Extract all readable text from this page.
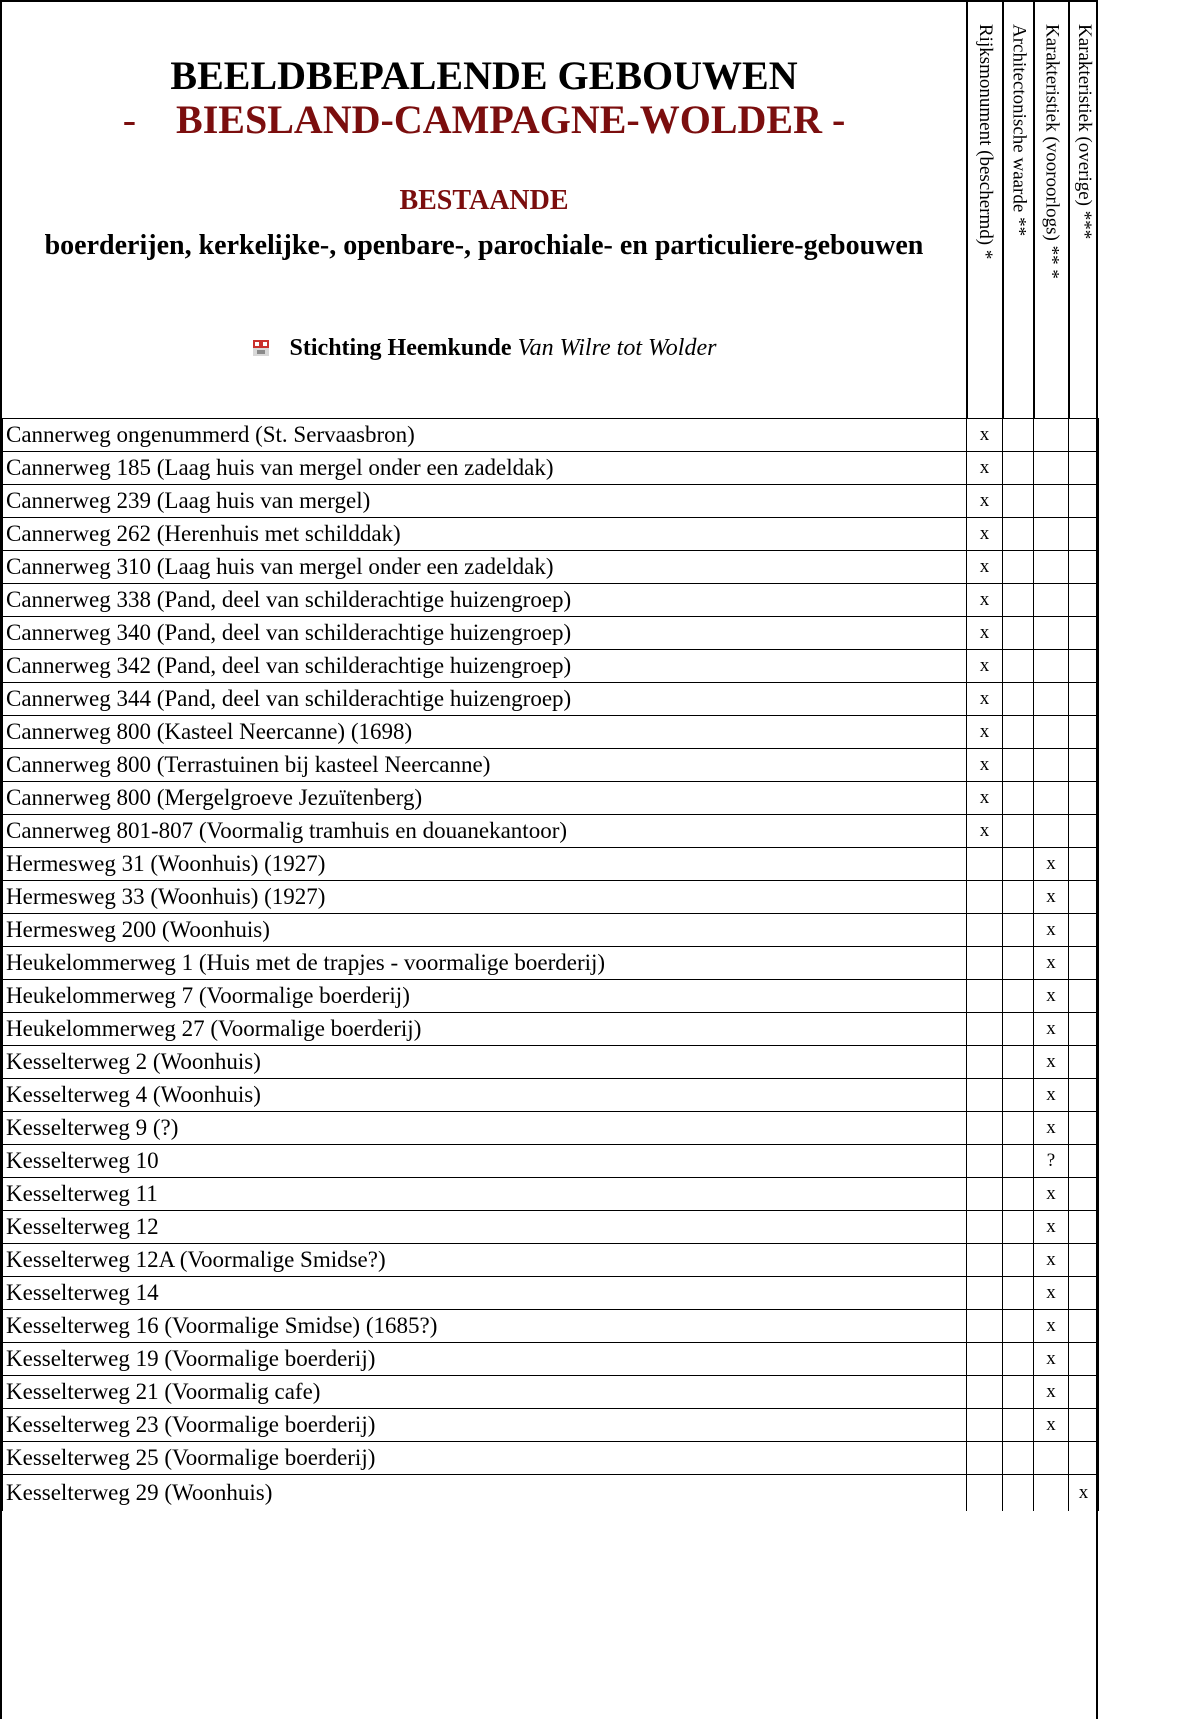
BEELDBEPALENDE GEBOUWEN
- BIESLAND-CAMPAGNE-WOLDER -
BESTAANDE
boerderijen, kerkelijke-, openbare-, parochiale- en particuliere-gebouwen
Stichting Heemkunde Van Wilre tot Wolder
Rijksmonument (beschermd) * Architectonische waarde ** Karakteristiek (vooroorlogs) ** * Karakteristiek (overige) ***
Cannerweg ongenummerd (St. Servaasbron)	x			
Cannerweg 185 (Laag huis van mergel onder een zadeldak)	x			
Cannerweg 239 (Laag huis van mergel)	x			
Cannerweg 262 (Herenhuis met schilddak)	x			
Cannerweg 310 (Laag huis van mergel onder een zadeldak)	x			
Cannerweg 338 (Pand, deel van schilderachtige huizengroep)	x			
Cannerweg 340 (Pand, deel van schilderachtige huizengroep)	x			
Cannerweg 342 (Pand, deel van schilderachtige huizengroep)	x			
Cannerweg 344 (Pand, deel van schilderachtige huizengroep)	x			
Cannerweg 800 (Kasteel Neercanne) (1698)	x			
Cannerweg 800 (Terrastuinen bij kasteel Neercanne)	x			
Cannerweg 800 (Mergelgroeve Jezuïtenberg)	x			
Cannerweg 801-807 (Voormalig tramhuis en douanekantoor)	x			
Hermesweg 31 (Woonhuis) (1927)			x	
Hermesweg 33 (Woonhuis) (1927)			x	
Hermesweg 200 (Woonhuis)			x	
Heukelommerweg 1 (Huis met de trapjes - voormalige boerderij)			x	
Heukelommerweg 7 (Voormalige boerderij)			x	
Heukelommerweg 27 (Voormalige boerderij)			x	
Kesselterweg 2 (Woonhuis)			x	
Kesselterweg 4 (Woonhuis)			x	
Kesselterweg 9 (?)			x	
Kesselterweg 10			?	
Kesselterweg 11			x	
Kesselterweg 12			x	
Kesselterweg 12A (Voormalige Smidse?)			x	
Kesselterweg 14			x	
Kesselterweg 16 (Voormalige Smidse) (1685?)			x	
Kesselterweg 19 (Voormalige boerderij)			x	
Kesselterweg 21 (Voormalig cafe)			x	
Kesselterweg 23 (Voormalige boerderij)			x	
Kesselterweg 25 (Voormalige boerderij)				
Kesselterweg 29 (Woonhuis)				x
